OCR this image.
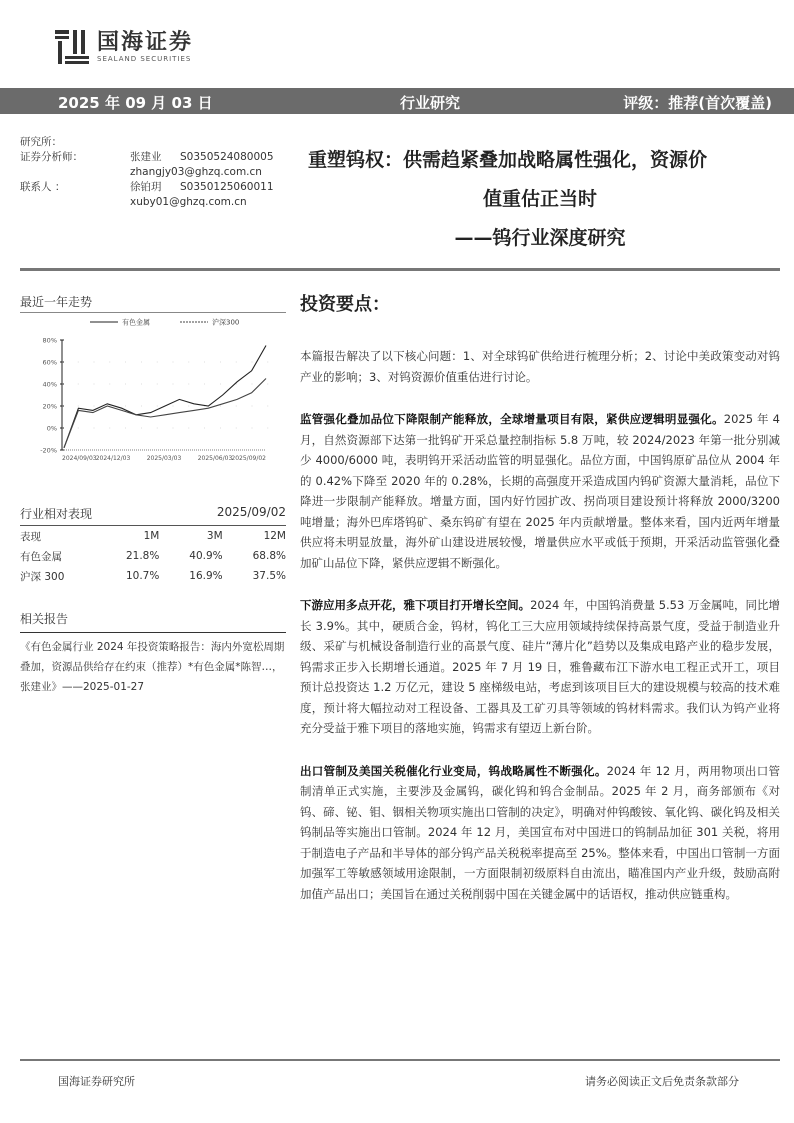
国海证券
SEALAND SECURITIES
2025 年 09 月 03 日	行业研究	评级：推荐(首次覆盖)
研究所：
证券分析师：	张建业	S0350524080005
zhangjy03@ghzq.com.cn
联系人 ：	徐铂玥	S0350125060011
xuby01@ghzq.com.cn
重塑钨权：供需趋紧叠加战略属性强化，资源价
值重估正当时
——钨行业深度研究
最近一年走势
有色金属	沪深300
-20%
0%
20%
40%
60%
80%
2024/09/03 2024/12/03	2025/03/03	2025/06/03 2025/09/02
行业相对表现	2025/09/02
表现	1M	3M	12M
有色金属	21.8%	40.9%	68.8%
沪深 300	10.7%	16.9%	37.5%
相关报告
《有色金属行业 2024 年投资策略报告：海内外宽松周期叠加，资源品供给存在约束（推荐）*有色金属*陈智…，张建业》——2025-01-27
投资要点：
本篇报告解决了以下核心问题：1、对全球钨矿供给进行梳理分析；2、讨论中美政策变动对钨产业的影响；3、对钨资源价值重估进行讨论。
监管强化叠加品位下降限制产能释放，全球增量项目有限，紧供应逻辑明显强化。2025 年 4 月，自然资源部下达第一批钨矿开采总量控制指标 5.8 万吨，较 2024/2023 年第一批分别减少 4000/6000 吨，表明钨开采活动监管的明显强化。品位方面，中国钨原矿品位从 2004 年的 0.42%下降至 2020 年的 0.28%，长期的高强度开采造成国内钨矿资源大量消耗，品位下降进一步限制产能释放。增量方面，国内好竹园扩改、拐尚项目建设预计将释放 2000/3200 吨增量；海外巴库塔钨矿、桑东钨矿有望在 2025 年内贡献增量。整体来看，国内近两年增量供应将未明显放量，海外矿山建设进展较慢，增量供应水平或低于预期，开采活动监管强化叠加矿山品位下降，紧供应逻辑不断强化。
下游应用多点开花，雅下项目打开增长空间。2024 年，中国钨消费量 5.53 万金属吨，同比增长 3.9%。其中，硬质合金，钨材，钨化工三大应用领域持续保持高景气度，受益于制造业升级、采矿与机械设备制造行业的高景气度、硅片“薄片化”趋势以及集成电路产业的稳步发展，钨需求正步入长期增长通道。2025 年 7 月 19 日，雅鲁藏布江下游水电工程正式开工，项目预计总投资达 1.2 万亿元，建设 5 座梯级电站，考虑到该项目巨大的建设规模与较高的技术难度，预计将大幅拉动对工程设备、工器具及工矿刃具等领域的钨材料需求。我们认为钨产业将充分受益于雅下项目的落地实施，钨需求有望迈上新台阶。
出口管制及美国关税催化行业变局，钨战略属性不断强化。2024 年 12 月，两用物项出口管制清单正式实施，主要涉及金属钨，碳化钨和钨合金制品。2025 年 2 月，商务部颁布《对钨、碲、铋、钼、铟相关物项实施出口管制的决定》，明确对仲钨酸铵、氧化钨、碳化钨及相关钨制品等实施出口管制。2024 年 12 月，美国宣布对中国进口的钨制品加征 301 关税，将用于制造电子产品和半导体的部分钨产品关税税率提高至 25%。整体来看，中国出口管制一方面加强军工等敏感领域用途限制，一方面限制初级原料自由流出，瞄准国内产业升级，鼓励高附加值产品出口；美国旨在通过关税削弱中国在关键金属中的话语权，推动供应链重构。
国海证券研究所	请务必阅读正文后免责条款部分
